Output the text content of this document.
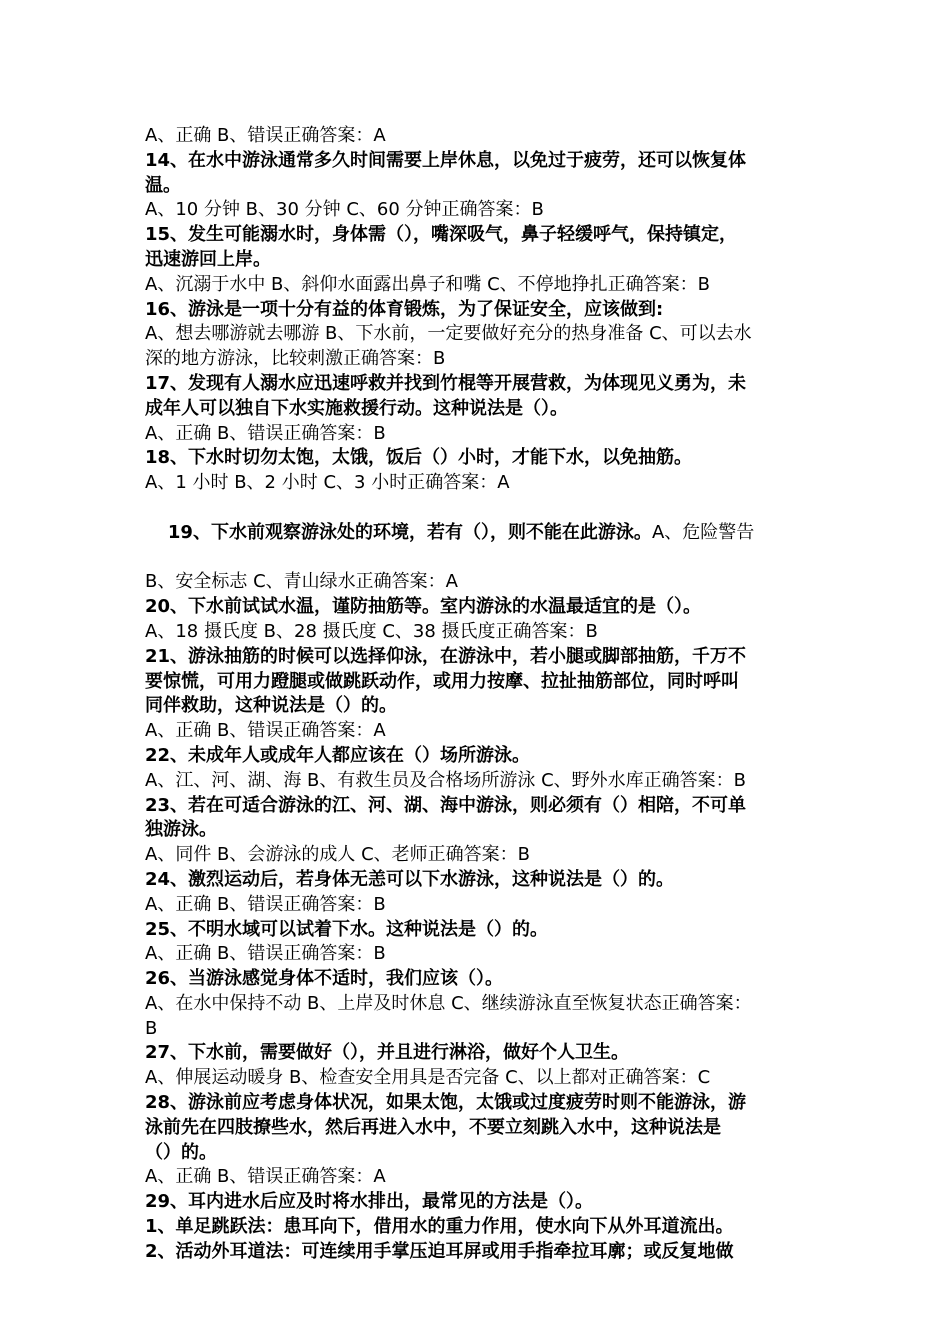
A、正确 B、错误正确答案：A
14、在水中游泳通常多久时间需要上岸休息，以免过于疲劳，还可以恢复体
温。
A、10 分钟 B、30 分钟 C、60 分钟正确答案：B
15、发生可能溺水时，身体需（），嘴深吸气，鼻子轻缓呼气，保持镇定，
迅速游回上岸。
A、沉溺于水中 B、斜仰水面露出鼻子和嘴 C、不停地挣扎正确答案：B
16、游泳是一项十分有益的体育锻炼，为了保证安全，应该做到:
A、想去哪游就去哪游 B、下水前，一定要做好充分的热身准备 C、可以去水
深的地方游泳，比较刺激正确答案：B
17、发现有人溺水应迅速呼救并找到竹棍等开展营救，为体现见义勇为，未
成年人可以独自下水实施救援行动。这种说法是（）。
A、正确 B、错误正确答案：B
18、下水时切勿太饱，太饿，饭后（）小时，才能下水，以免抽筋。
A、1 小时 B、2 小时 C、3 小时正确答案：A

19、下水前观察游泳处的环境，若有（），则不能在此游泳。A、危险警告

B、安全标志 C、青山绿水正确答案：A
20、下水前试试水温，谨防抽筋等。室内游泳的水温最适宜的是（）。
A、18 摄氏度 B、28 摄氏度 C、38 摄氏度正确答案：B
21、游泳抽筋的时候可以选择仰泳，在游泳中，若小腿或脚部抽筋，千万不
要惊慌，可用力蹬腿或做跳跃动作，或用力按摩、拉扯抽筋部位，同时呼叫
同伴救助，这种说法是（）的。
A、正确 B、错误正确答案：A
22、未成年人或成年人都应该在（）场所游泳。
A、江、河、湖、海 B、有救生员及合格场所游泳 C、野外水库正确答案：B
23、若在可适合游泳的江、河、湖、海中游泳，则必须有（）相陪，不可单
独游泳。
A、同件 B、会游泳的成人 C、老师正确答案：B
24、激烈运动后，若身体无恙可以下水游泳，这种说法是（）的。
A、正确 B、错误正确答案：B
25、不明水域可以试着下水。这种说法是（）的。
A、正确 B、错误正确答案：B
26、当游泳感觉身体不适时，我们应该（）。
A、在水中保持不动 B、上岸及时休息 C、继续游泳直至恢复状态正确答案：
B
27、下水前，需要做好（），并且进行淋浴，做好个人卫生。
A、伸展运动暖身 B、检查安全用具是否完备 C、以上都对正确答案：C
28、游泳前应考虑身体状况，如果太饱，太饿或过度疲劳时则不能游泳，游
泳前先在四肢撩些水，然后再进入水中，不要立刻跳入水中，这种说法是
（）的。
A、正确 B、错误正确答案：A
29、耳内进水后应及时将水排出，最常见的方法是（）。
1、单足跳跃法：患耳向下，借用水的重力作用，使水向下从外耳道流出。
2、活动外耳道法：可连续用手掌压迫耳屏或用手指牵拉耳廓；或反复地做
